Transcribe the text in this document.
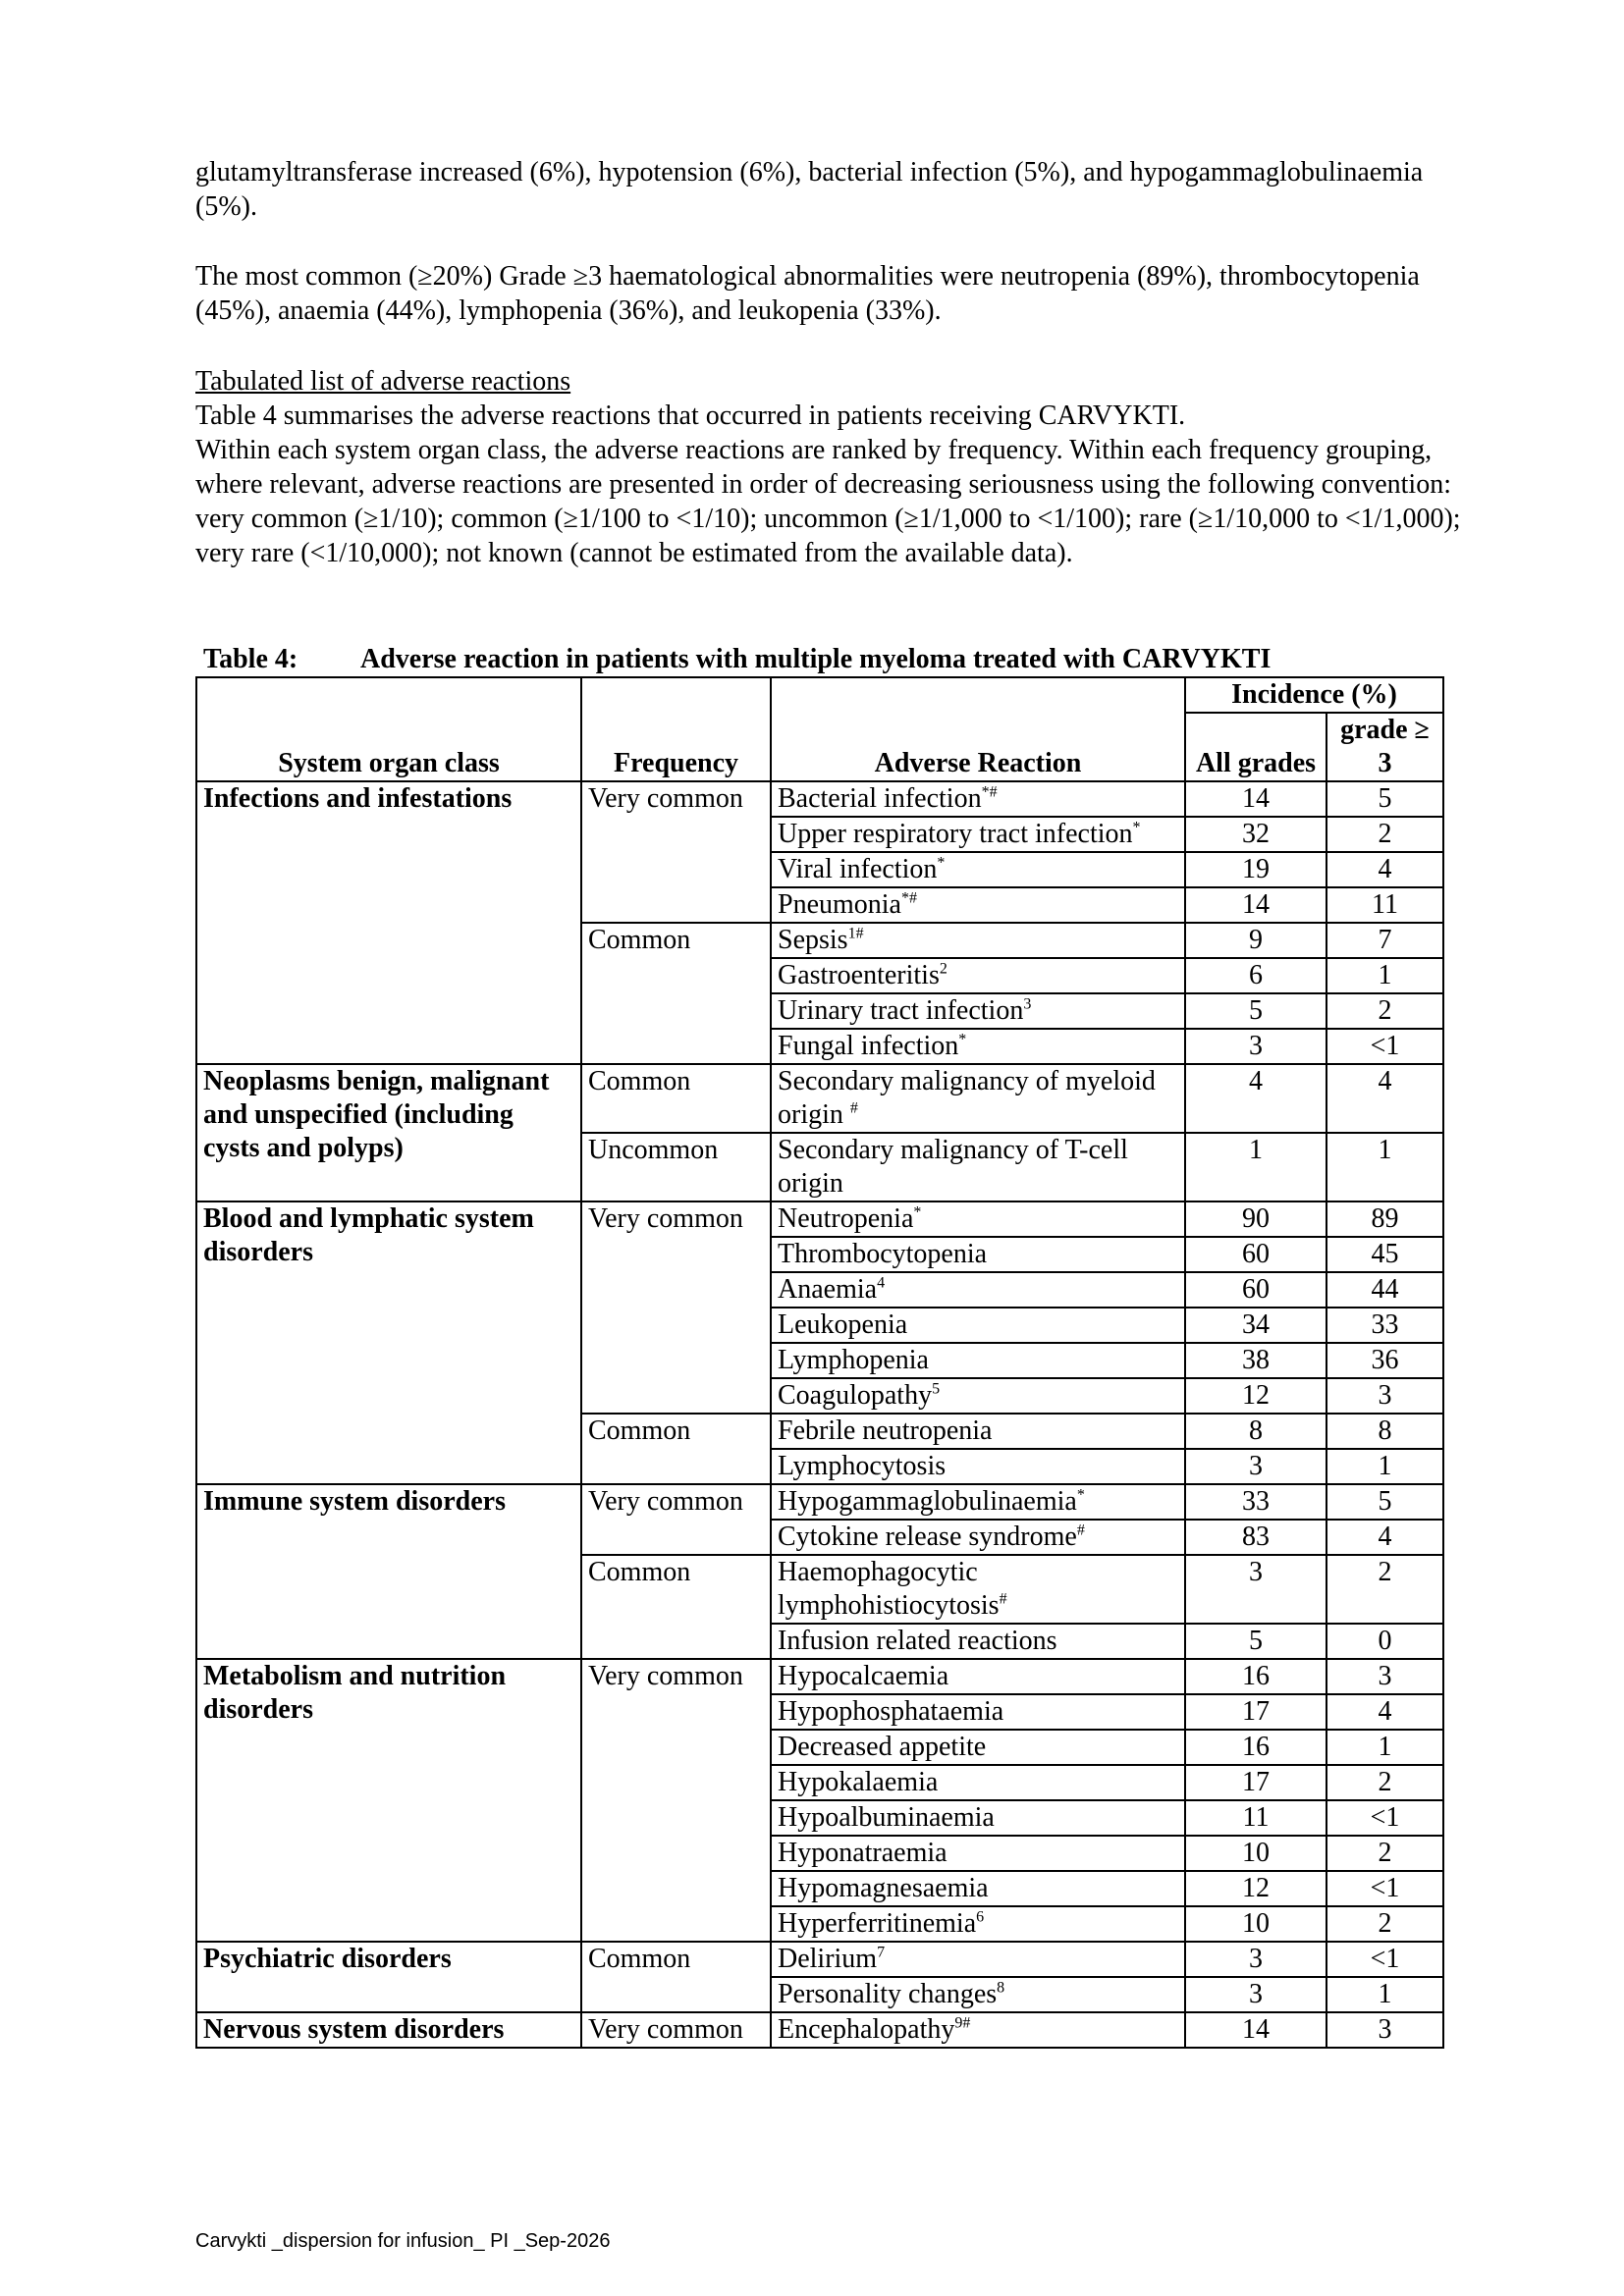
glutamyltransferase increased (6%), hypotension (6%), bacterial infection (5%), and hypogammaglobulinaemia (5%).

The most common (≥20%) Grade ≥3 haematological abnormalities were neutropenia (89%), thrombocytopenia (45%), anaemia (44%), lymphopenia (36%), and leukopenia (33%).

Tabulated list of adverse reactions
Table 4 summarises the adverse reactions that occurred in patients receiving CARVYKTI.
Within each system organ class, the adverse reactions are ranked by frequency. Within each frequency grouping, where relevant, adverse reactions are presented in order of decreasing seriousness using the following convention: very common (≥1/10); common (≥1/100 to <1/10); uncommon (≥1/1,000 to <1/100); rare (≥1/10,000 to <1/1,000); very rare (<1/10,000); not known (cannot be estimated from the available data).
Table 4: Adverse reaction in patients with multiple myeloma treated with CARVYKTI
System organ class	Frequency	Adverse Reaction	Incidence (%)	
			All grades	grade ≥ 3
Infections and infestations	Very common	Bacterial infection*#	14	5
		Upper respiratory tract infection*	32	2
		Viral infection*	19	4
		Pneumonia*#	14	11
	Common	Sepsis$^{1\#}$	9	7
		Gastroenteritis$^2$	6	1
		Urinary tract infection$^3$	5	2
		Fungal infection*	3	<1
Neoplasms benign, malignant and unspecified (including cysts and polyps)	Common	Secondary malignancy of myeloid origin #	4	4
	Uncommon	Secondary malignancy of T-cell origin	1	1
Blood and lymphatic system disorders	Very common	Neutropenia*	90	89
		Thrombocytopenia	60	45
		Anaemia$^4$	60	44
		Leukopenia	34	33
		Lymphopenia	38	36
		Coagulopathy$^5$	12	3
	Common	Febrile neutropenia	8	8
		Lymphocytosis	3	1
Immune system disorders	Very common	Hypogammaglobulinaemia*	33	5
		Cytokine release syndrome#	83	4
	Common	Haemophagocytic lymphohistiocytosis#	3	2
		Infusion related reactions	5	0
Metabolism and nutrition disorders	Very common	Hypocalcaemia	16	3
		Hypophosphataemia	17	4
		Decreased appetite	16	1
		Hypokalaemia	17	2
		Hypoalbuminaemia	11	<1
		Hyponatraemia	10	2
		Hypomagnesaemia	12	<1
		Hyperferritinemia$^6$	10	2
Psychiatric disorders	Common	Delirium$^7$	3	<1
		Personality changes$^8$	3	1
Nervous system disorders	Very common	Encephalopathy$^{9\#}$	14	3
Carvykti _dispersion for infusion_ PI _Sep-2026
